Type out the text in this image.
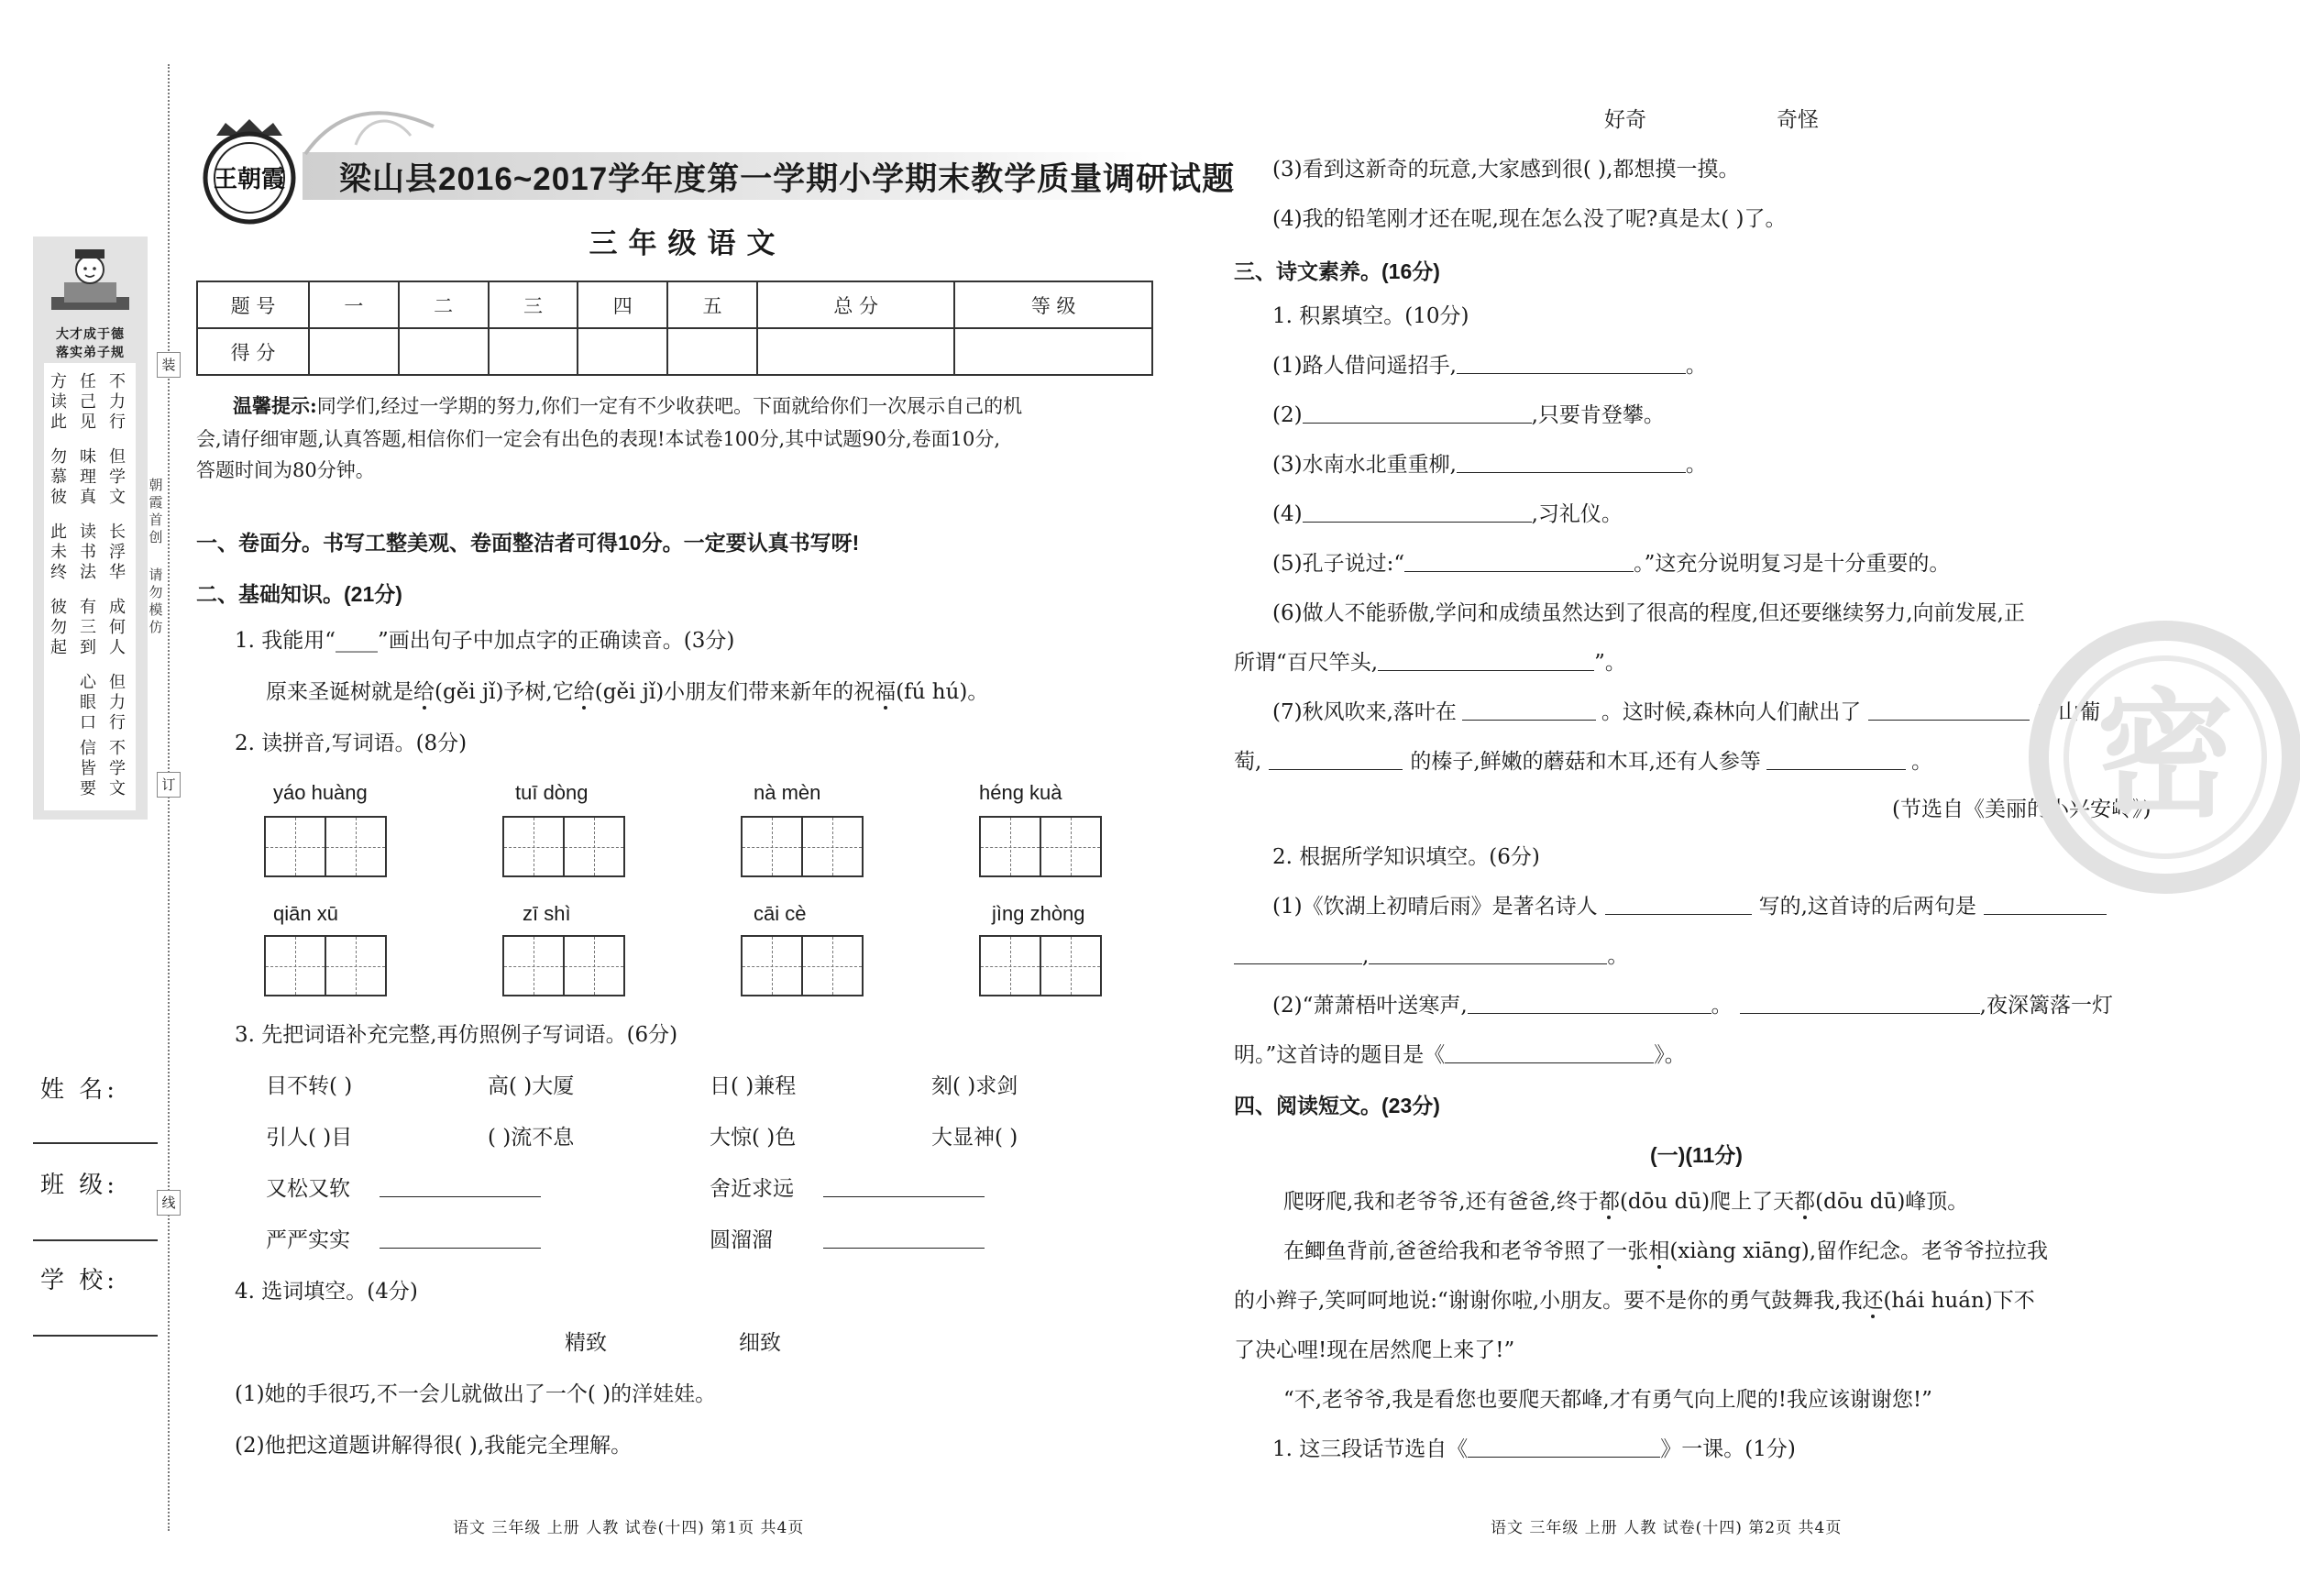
装
订
线
朝霞首创
请勿模仿
大才成于德
落实弟子规
方读此
任己见
不力行
勿慕彼
味理真
但学文
此未终
读书法
长浮华
彼勿起
有三到
成何人
心眼口
但力行
信皆要
不学文
姓 名:
班 级:
学 校:
王朝霞 梁山县2016~2017学年度第一学期小学期末教学质量调研试题
三年级语文
题 号	一	二	三	四	五	总 分	等 级
得 分							
温馨提示:同学们,经过一学期的努力,你们一定有不少收获吧。下面就给你们一次展示自己的机
会,请仔细审题,认真答题,相信你们一定会有出色的表现!本试卷100分,其中试题90分,卷面10分,
答题时间为80分钟。
一、卷面分。书写工整美观、卷面整洁者可得10分。一定要认真书写呀!
二、基础知识。(21分)
1. 我能用“____”画出句子中加点字的正确读音。(3分)
原来圣诞树就是给(gěi jǐ)予树,它给(gěi jǐ)小朋友们带来新年的祝福(fú hú)。
2. 读拼音,写词语。(8分)
yáo huàng	tuī dòng	nà mèn	héng kuà
qiān xū	zī shì	cāi cè	jìng zhòng
3. 先把词语补充完整,再仿照例子写词语。(6分)
目不转( )	高( )大厦	日( )兼程	刻( )求剑
引人( )目	( )流不息	大惊( )色	大显神( )
又松又软	舍近求远
严严实实	圆溜溜
4. 选词填空。(4分)
精致	细致
(1)她的手很巧,不一会儿就做出了一个( )的洋娃娃。
(2)他把这道题讲解得很( ),我能完全理解。
语文 三年级 上册 人教 试卷(十四) 第1页 共4页
好奇	奇怪
(3)看到这新奇的玩意,大家感到很( ),都想摸一摸。
(4)我的铅笔刚才还在呢,现在怎么没了呢?真是太( )了。
三、诗文素养。(16分)
1. 积累填空。(10分)
(1)路人借问遥招手,	。
(2)	,只要肯登攀。
(3)水南水北重重柳,	。
(4)	,习礼仪。
(5)孔子说过:“	。”这充分说明复习是十分重要的。
(6)做人不能骄傲,学问和成绩虽然达到了很高的程度,但还要继续努力,向前发展,正
所谓“百尺竿头,	”。
(7)秋风吹来,落叶在	。这时候,森林向人们献出了	的山葡
萄,	的榛子,鲜嫩的蘑菇和木耳,还有人参等	。
(节选自《美丽的小兴安岭》)
2. 根据所学知识填空。(6分)
(1)《饮湖上初晴后雨》是著名诗人	写的,这首诗的后两句是
,	。
(2)“萧萧梧叶送寒声,	。	,夜深篱落一灯
明。”这首诗的题目是《	》。
四、阅读短文。(23分)
(一)(11分)
爬呀爬,我和老爷爷,还有爸爸,终于都(dōu dū)爬上了天都(dōu dū)峰顶。
在鲫鱼背前,爸爸给我和老爷爷照了一张相(xiàng xiāng),留作纪念。老爷爷拉拉我
的小辫子,笑呵呵地说:“谢谢你啦,小朋友。要不是你的勇气鼓舞我,我还(hái huán)下不
了决心哩!现在居然爬上来了!”
“不,老爷爷,我是看您也要爬天都峰,才有勇气向上爬的!我应该谢谢您!”
1. 这三段话节选自《	》一课。(1分)
语文 三年级 上册 人教 试卷(十四) 第2页 共4页
密
